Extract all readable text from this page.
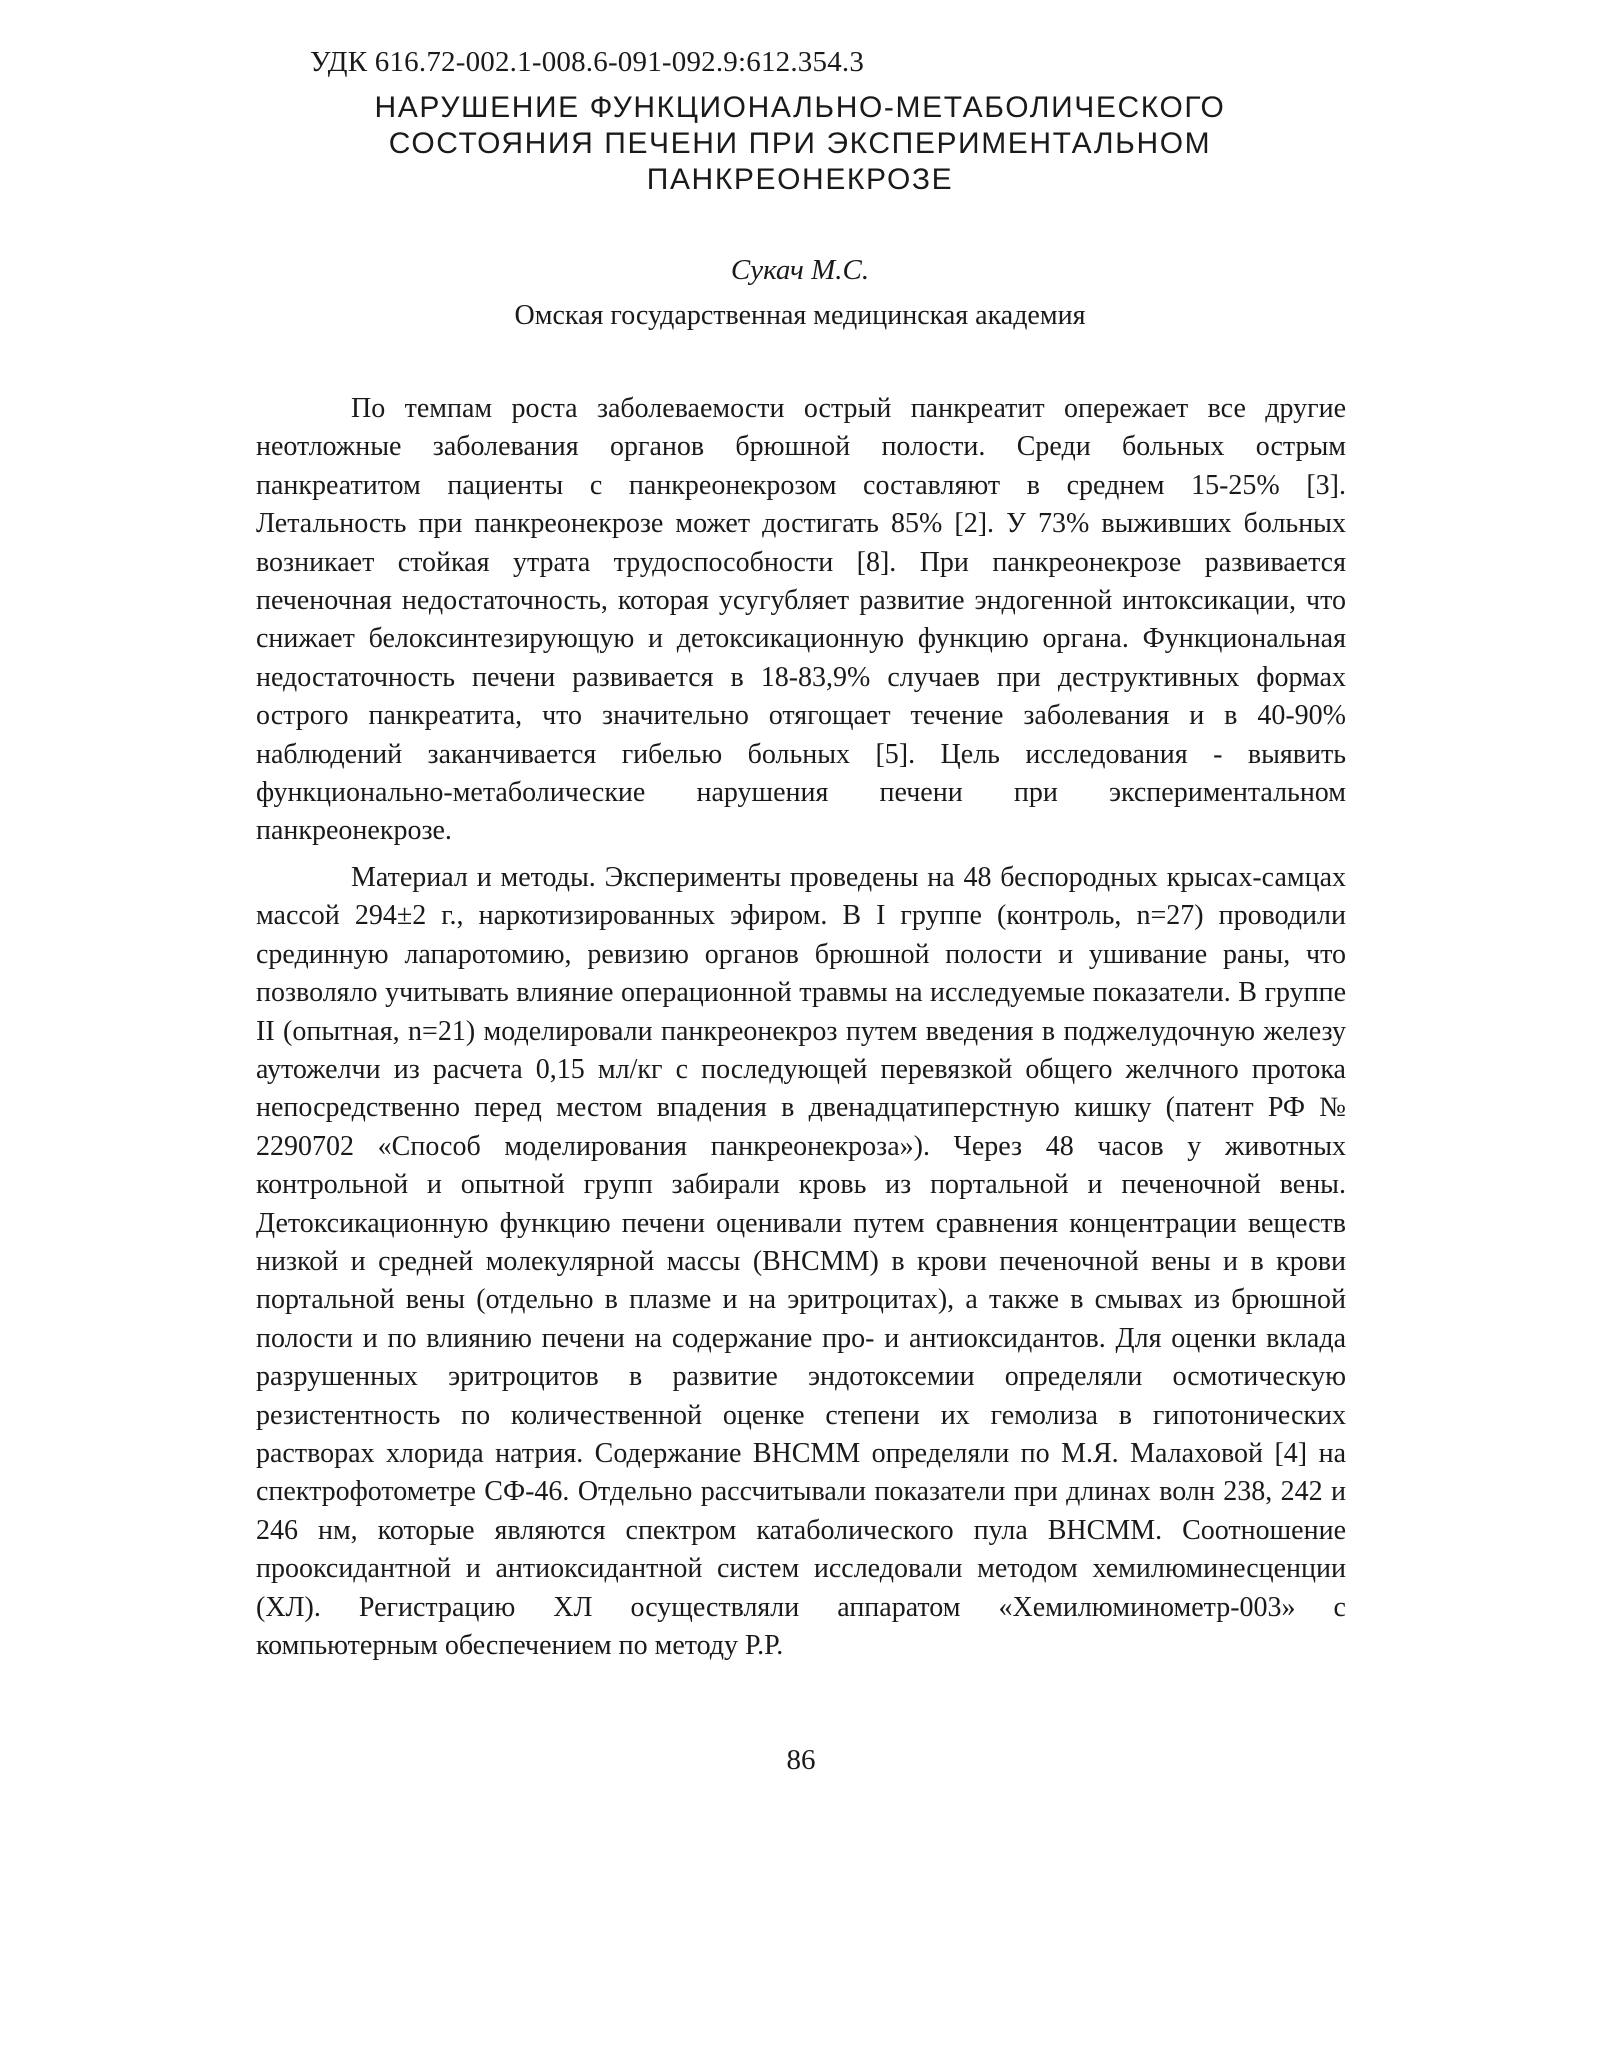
УДК 616.72-002.1-008.6-091-092.9:612.354.3
НАРУШЕНИЕ ФУНКЦИОНАЛЬНО-МЕТАБОЛИЧЕСКОГО
СОСТОЯНИЯ ПЕЧЕНИ ПРИ ЭКСПЕРИМЕНТАЛЬНОМ
ПАНКРЕОНЕКРОЗЕ
Сукач М.С.
Омская государственная медицинская академия

По темпам роста заболеваемости острый панкреатит опережает все другие неотложные заболевания органов брюшной полости. Среди больных острым панкреатитом пациенты с панкреонекрозом составляют в среднем 15-25% [3]. Летальность при панкреонекрозе может достигать 85% [2]. У 73% выживших больных возникает стойкая утрата трудоспособности [8]. При панкреонекрозе развивается печеночная недостаточность, которая усугубляет развитие эндогенной интоксикации, что снижает белоксинтезирующую и детоксикационную функцию органа. Функциональная недостаточность печени развивается в 18-83,9% случаев при деструктивных формах острого панкреатита, что значительно отягощает течение заболевания и в 40-90% наблюдений заканчивается гибелью больных [5]. Цель исследования - выявить функционально-метаболические нарушения печени при экспериментальном панкреонекрозе.

Материал и методы. Эксперименты проведены на 48 беспородных крысах-самцах массой 294±2 г., наркотизированных эфиром. В I группе (контроль, n=27) проводили срединную лапаротомию, ревизию органов брюшной полости и ушивание раны, что позволяло учитывать влияние операционной травмы на исследуемые показатели. В группе II (опытная, n=21) моделировали панкреонекроз путем введения в поджелудочную железу аутожелчи из расчета 0,15 мл/кг с последующей перевязкой общего желчного протока непосредственно перед местом впадения в двенадцатиперстную кишку (патент РФ № 2290702 «Способ моделирования панкреонекроза»). Через 48 часов у животных контрольной и опытной групп забирали кровь из портальной и печеночной вены. Детоксикационную функцию печени оценивали путем сравнения концентрации веществ низкой и средней молекулярной массы (ВНСММ) в крови печеночной вены и в крови портальной вены (отдельно в плазме и на эритроцитах), а также в смывах из брюшной полости и по влиянию печени на содержание про- и антиоксидантов. Для оценки вклада разрушенных эритроцитов в развитие эндотоксемии определяли осмотическую резистентность по количественной оценке степени их гемолиза в гипотонических растворах хлорида натрия. Содержание ВНСММ определяли по М.Я. Малаховой [4] на спектрофотометре СФ-46. Отдельно рассчитывали показатели при длинах волн 238, 242 и 246 нм, которые являются спектром катаболического пула ВНСММ. Соотношение прооксидантной и антиоксидантной систем исследовали методом хемилюминесценции (ХЛ). Регистрацию ХЛ осуществляли аппаратом «Хемилюминометр-003» с компьютерным обеспечением по методу Р.Р.

86
